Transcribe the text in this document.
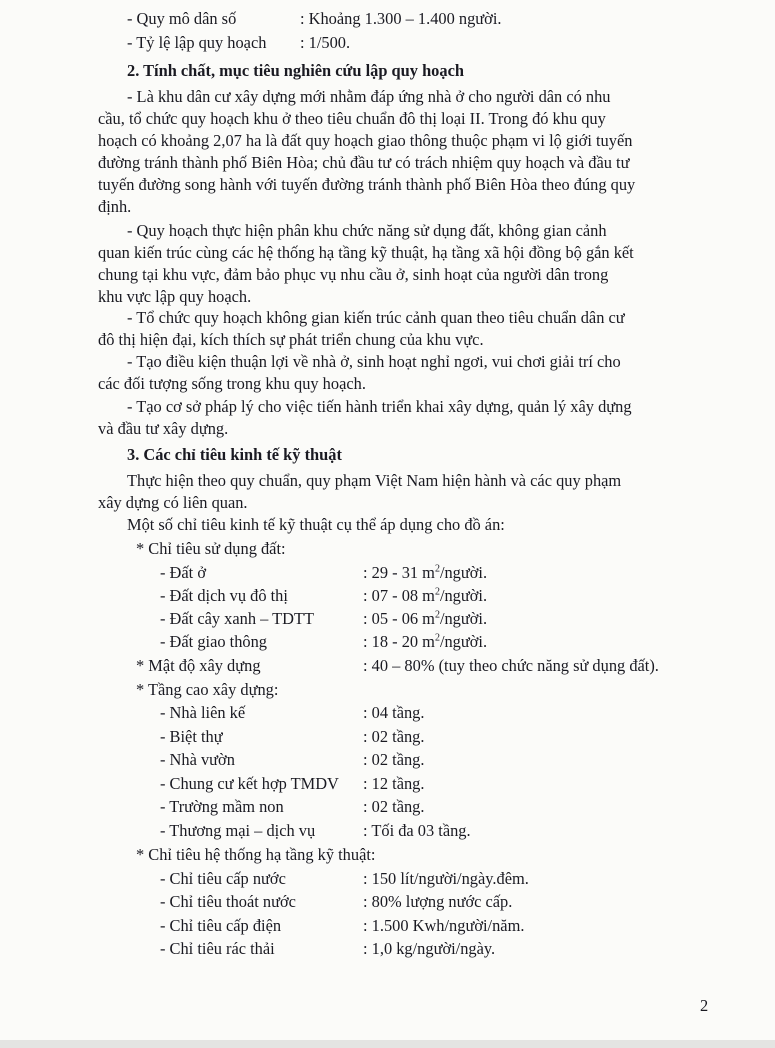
- Quy mô dân số	: Khoảng 1.300 – 1.400 người.
- Tỷ lệ lập quy hoạch : 1/500.
2. Tính chất, mục tiêu nghiên cứu lập quy hoạch
- Là khu dân cư xây dựng mới nhằm đáp ứng nhà ở cho người dân có nhu
cầu, tổ chức quy hoạch khu ở theo tiêu chuẩn đô thị loại II. Trong đó khu quy
hoạch có khoảng 2,07 ha là đất quy hoạch giao thông thuộc phạm vi lộ giới tuyến
đường tránh thành phố Biên Hòa; chủ đầu tư có trách nhiệm quy hoạch và đầu tư
tuyến đường song hành với tuyến đường tránh thành phố Biên Hòa theo đúng quy
định.
- Quy hoạch thực hiện phân khu chức năng sử dụng đất, không gian cảnh
quan kiến trúc cùng các hệ thống hạ tầng kỹ thuật, hạ tầng xã hội đồng bộ gắn kết
chung tại khu vực, đảm bảo phục vụ nhu cầu ở, sinh hoạt của người dân trong
khu vực lập quy hoạch.
- Tổ chức quy hoạch không gian kiến trúc cảnh quan theo tiêu chuẩn dân cư
đô thị hiện đại, kích thích sự phát triển chung của khu vực.
- Tạo điều kiện thuận lợi về nhà ở, sinh hoạt nghỉ ngơi, vui chơi giải trí cho
các đối tượng sống trong khu quy hoạch.
- Tạo cơ sở pháp lý cho việc tiến hành triển khai xây dựng, quản lý xây dựng
và đầu tư xây dựng.
3. Các chỉ tiêu kinh tế kỹ thuật
Thực hiện theo quy chuẩn, quy phạm Việt Nam hiện hành và các quy phạm
xây dựng có liên quan.
Một số chỉ tiêu kinh tế kỹ thuật cụ thể áp dụng cho đồ án:
* Chỉ tiêu sử dụng đất:
- Đất ở	: 29 - 31 $m^2$/người.
- Đất dịch vụ đô thị	: 07 - 08 $m^2$/người.
- Đất cây xanh – TDTT	: 05 - 06 $m^2$/người.
- Đất giao thông	: 18 - 20 $m^2$/người.
* Mật độ xây dựng	: 40 – 80% (tuy theo chức năng sử dụng đất).
* Tầng cao xây dựng:
- Nhà liên kế	: 04 tầng.
- Biệt thự	: 02 tầng.
- Nhà vườn	: 02 tầng.
- Chung cư kết hợp TMDV : 12 tầng.
- Trường mầm non	: 02 tầng.
- Thương mại – dịch vụ	: Tối đa 03 tầng.
* Chỉ tiêu hệ thống hạ tầng kỹ thuật:
- Chỉ tiêu cấp nước	: 150 lít/người/ngày.đêm.
- Chỉ tiêu thoát nước	: 80% lượng nước cấp.
- Chỉ tiêu cấp điện	: 1.500 Kwh/người/năm.
- Chỉ tiêu rác thải	: 1,0 kg/người/ngày.
2
